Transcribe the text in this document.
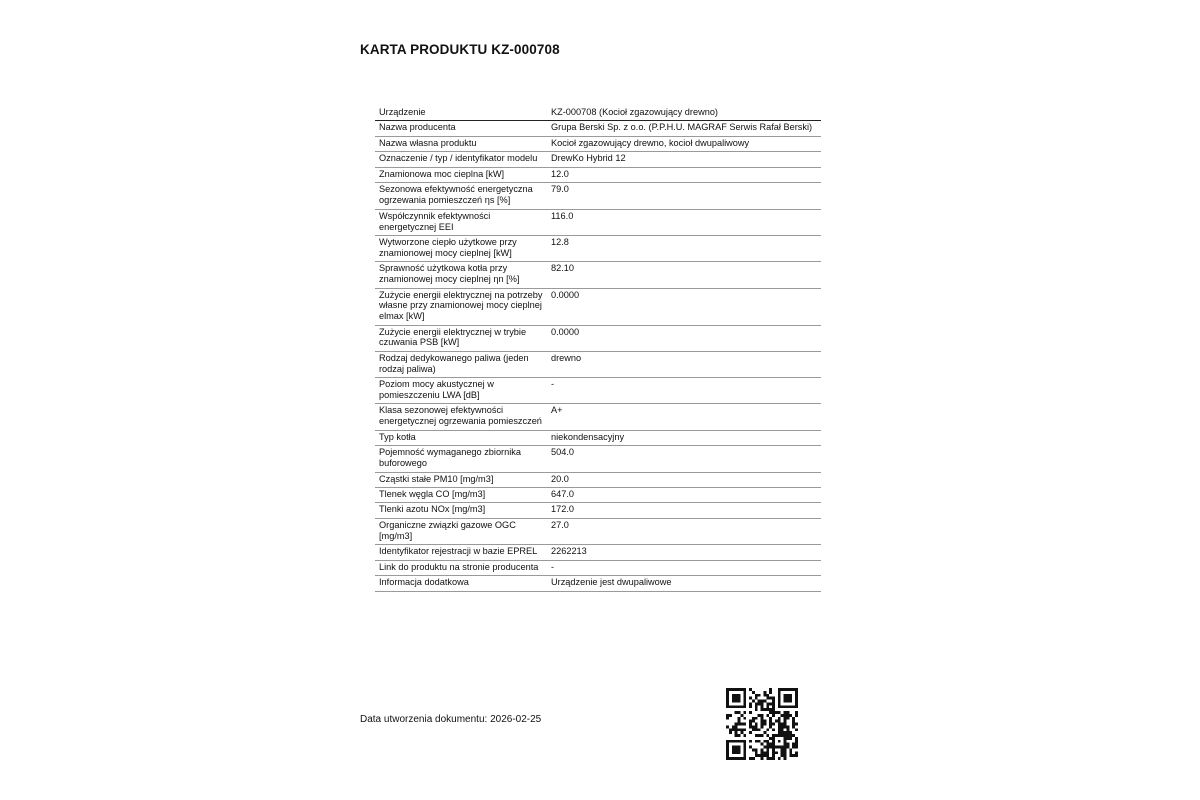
KARTA PRODUKTU KZ-000708
Urządzenie	KZ-000708 (Kocioł zgazowujący drewno)
Nazwa producenta	Grupa Berski Sp. z o.o. (P.P.H.U. MAGRAF Serwis Rafał Berski)
Nazwa własna produktu	Kocioł zgazowujący drewno, kocioł dwupaliwowy
Oznaczenie / typ / identyfikator modelu	DrewKo Hybrid 12
Znamionowa moc cieplna [kW]	12.0
Sezonowa efektywność energetyczna ogrzewania pomieszczeń ηs [%]	79.0
Współczynnik efektywności energetycznej EEI	116.0
Wytworzone ciepło użytkowe przy znamionowej mocy cieplnej [kW]	12.8
Sprawność użytkowa kotła przy znamionowej mocy cieplnej ηn [%]	82.10
Zużycie energii elektrycznej na potrzeby własne przy znamionowej mocy cieplnej elmax [kW]	0.0000
Zużycie energii elektrycznej w trybie czuwania PSB [kW]	0.0000
Rodzaj dedykowanego paliwa (jeden rodzaj paliwa)	drewno
Poziom mocy akustycznej w pomieszczeniu LWA [dB]	-
Klasa sezonowej efektywności energetycznej ogrzewania pomieszczeń	A+
Typ kotła	niekondensacyjny
Pojemność wymaganego zbiornika buforowego	504.0
Cząstki stałe PM10 [mg/m3]	20.0
Tlenek węgla CO [mg/m3]	647.0
Tlenki azotu NOx [mg/m3]	172.0
Organiczne związki gazowe OGC [mg/m3]	27.0
Identyfikator rejestracji w bazie EPREL	2262213
Link do produktu na stronie producenta	-
Informacja dodatkowa	Urządzenie jest dwupaliwowe
Data utworzenia dokumentu: 2026-02-25
